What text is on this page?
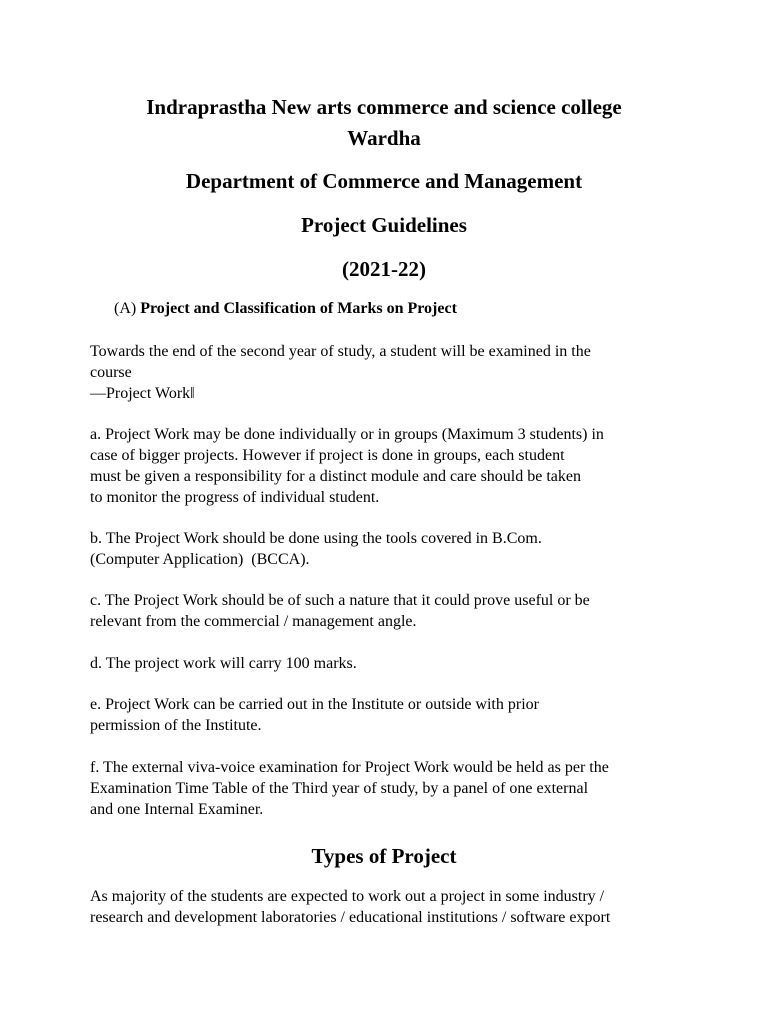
Indraprastha New arts commerce and science college Wardha
Department of Commerce and Management
Project Guidelines
(2021-22)

(A) Project and Classification of Marks on Project

Towards the end of the second year of study, a student will be examined in the
course
—Project Work‖

a. Project Work may be done individually or in groups (Maximum 3 students) in
case of bigger projects. However if project is done in groups, each student
must be given a responsibility for a distinct module and care should be taken
to monitor the progress of individual student.

b. The Project Work should be done using the tools covered in B.Com.
(Computer Application)  (BCCA).

c. The Project Work should be of such a nature that it could prove useful or be
relevant from the commercial / management angle.

d. The project work will carry 100 marks.

e. Project Work can be carried out in the Institute or outside with prior
permission of the Institute.

f. The external viva-voice examination for Project Work would be held as per the
Examination Time Table of the Third year of study, by a panel of one external
and one Internal Examiner.

Types of Project

As majority of the students are expected to work out a project in some industry /
research and development laboratories / educational institutions / software export
